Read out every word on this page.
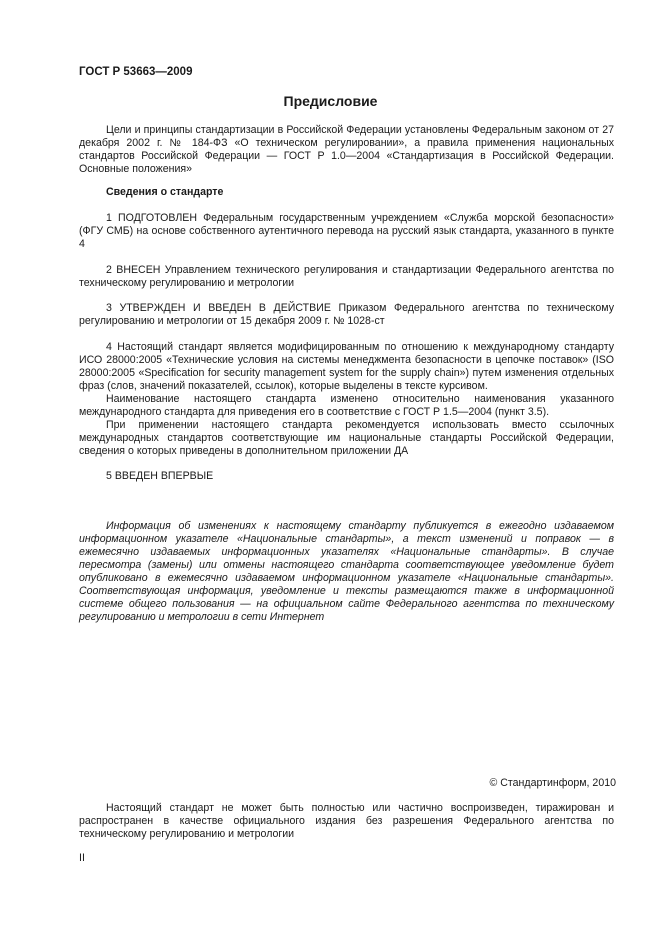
ГОСТ Р 53663—2009
Предисловие

Цели и принципы стандартизации в Российской Федерации установлены Федеральным законом от 27 декабря 2002 г. № 184-ФЗ «О техническом регулировании», а правила применения национальных стандартов Российской Федерации — ГОСТ Р 1.0—2004 «Стандартизация в Российской Федерации. Основные положения»

Сведения о стандарте
1 ПОДГОТОВЛЕН Федеральным государственным учреждением «Служба морской безопасности» (ФГУ СМБ) на основе собственного аутентичного перевода на русский язык стандарта, указанного в пункте 4
2 ВНЕСЕН Управлением технического регулирования и стандартизации Федерального агентства по техническому регулированию и метрологии
3 УТВЕРЖДЕН И ВВЕДЕН В ДЕЙСТВИЕ Приказом Федерального агентства по техническому регулированию и метрологии от 15 декабря 2009 г. № 1028-ст

4 Настоящий стандарт является модифицированным по отношению к международному стандарту ИСО 28000:2005 «Технические условия на системы менеджмента безопасности в цепочке поставок» (ISO 28000:2005 «Specification for security management system for the supply chain») путем изменения отдельных фраз (слов, значений показателей, ссылок), которые выделены в тексте курсивом.

Наименование настоящего стандарта изменено относительно наименования указанного международного стандарта для приведения его в соответствие с ГОСТ Р 1.5—2004 (пункт 3.5).

При применении настоящего стандарта рекомендуется использовать вместо ссылочных международных стандартов соответствующие им национальные стандарты Российской Федерации, сведения о которых приведены в дополнительном приложении ДА

5 ВВЕДЕН ВПЕРВЫЕ
Информация об изменениях к настоящему стандарту публикуется в ежегодно издаваемом информационном указателе «Национальные стандарты», а текст изменений и поправок — в ежемесячно издаваемых информационных указателях «Национальные стандарты». В случае пересмотра (замены) или отмены настоящего стандарта соответствующее уведомление будет опубликовано в ежемесячно издаваемом информационном указателе «Национальные стандарты». Соответствующая информация, уведомление и тексты размещаются также в информационной системе общего пользования — на официальном сайте Федерального агентства по техническому регулированию и метрологии в сети Интернет
© Стандартинформ, 2010
Настоящий стандарт не может быть полностью или частично воспроизведен, тиражирован и распространен в качестве официального издания без разрешения Федерального агентства по техническому регулированию и метрологии
II
